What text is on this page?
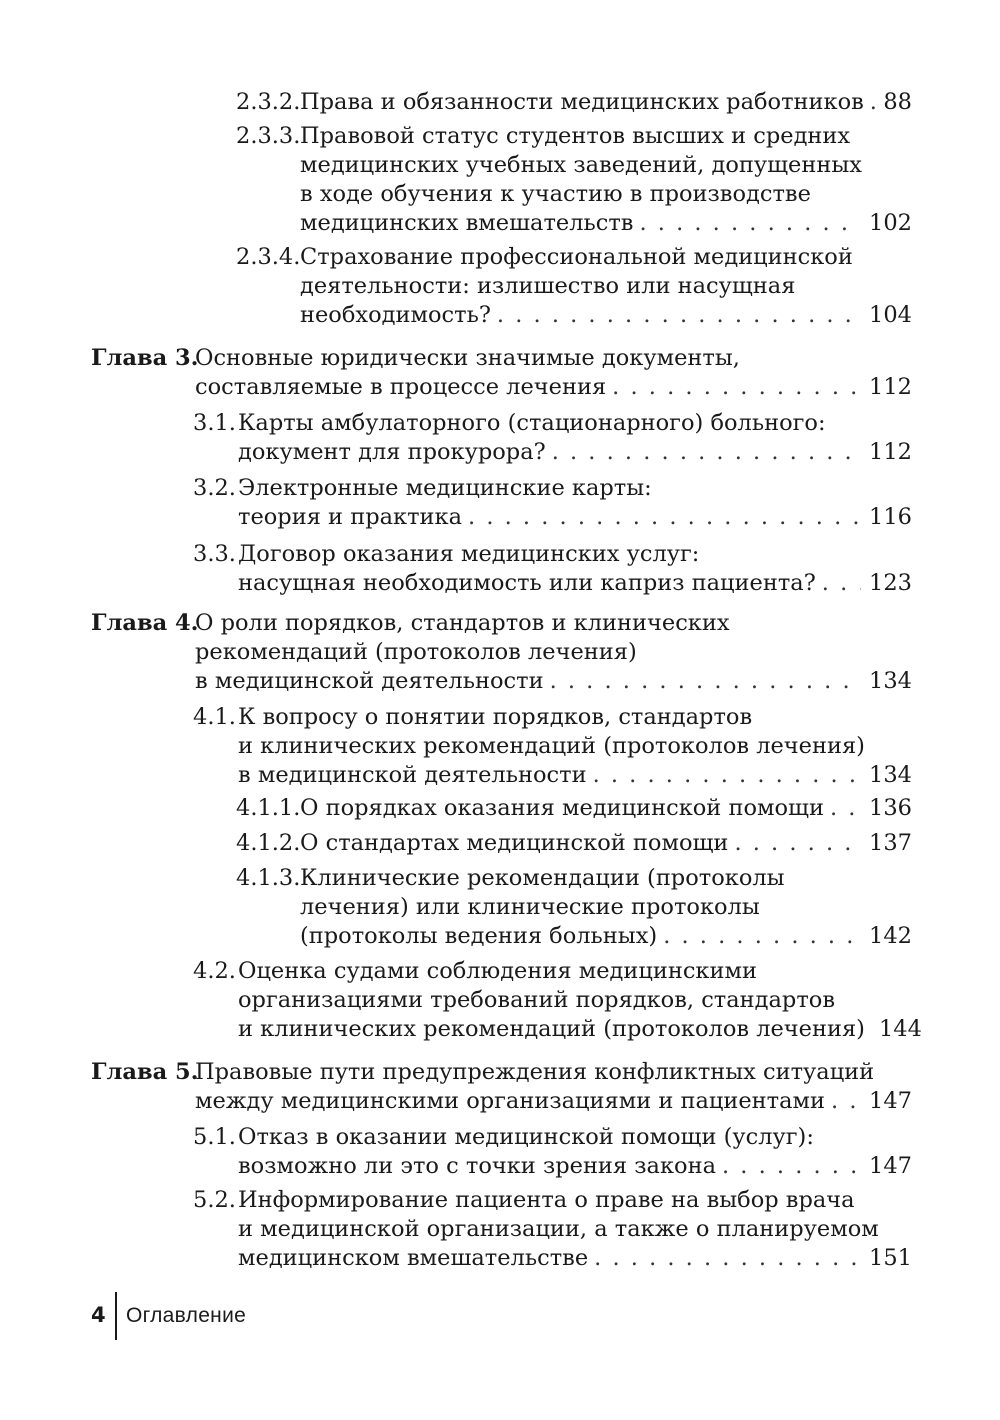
2.3.2. Права и обязанности медицинских работников . . . 88
2.3.3. Правовой статус студентов высших и средних
медицинских учебных заведений, допущенных
в ходе обучения к участию в производстве
медицинских вмешательств . . .	102
2.3.4. Страхование профессиональной медицинской
деятельности: излишество или насущная
необходимость? . . .	104
Глава 3.
Основные юридически значимые документы,
составляемые в процессе лечения . . .	112
3.1. Карты амбулаторного (стационарного) больного:
документ для прокурора? . . .	112
3.2. Электронные медицинские карты:
теория и практика . . .	116
3.3. Договор оказания медицинских услуг:
насущная необходимость или каприз пациента? . . .	123
Глава 4.
О роли порядков, стандартов и клинических
рекомендаций (протоколов лечения)
в медицинской деятельности . . .	134
4.1. К вопросу о понятии порядков, стандартов
и клинических рекомендаций (протоколов лечения)
в медицинской деятельности . . .	134
4.1.1. О порядках оказания медицинской помощи . . .	136
4.1.2. О стандартах медицинской помощи . . .	137
4.1.3. Клинические рекомендации (протоколы
лечения) или клинические протоколы
(протоколы ведения больных) . . .	142
4.2. Оценка судами соблюдения медицинскими
организациями требований порядков, стандартов
и клинических рекомендаций (протоколов лечения) . . . 144
Глава 5.
Правовые пути предупреждения конфликтных ситуаций
между медицинскими организациями и пациентами . . .	147
5.1. Отказ в оказании медицинской помощи (услуг):
возможно ли это с точки зрения закона . . .	147
5.2. Информирование пациента о праве на выбор врача
и медицинской организации, а также о планируемом
медицинском вмешательстве . . .	151
4 Оглавление
